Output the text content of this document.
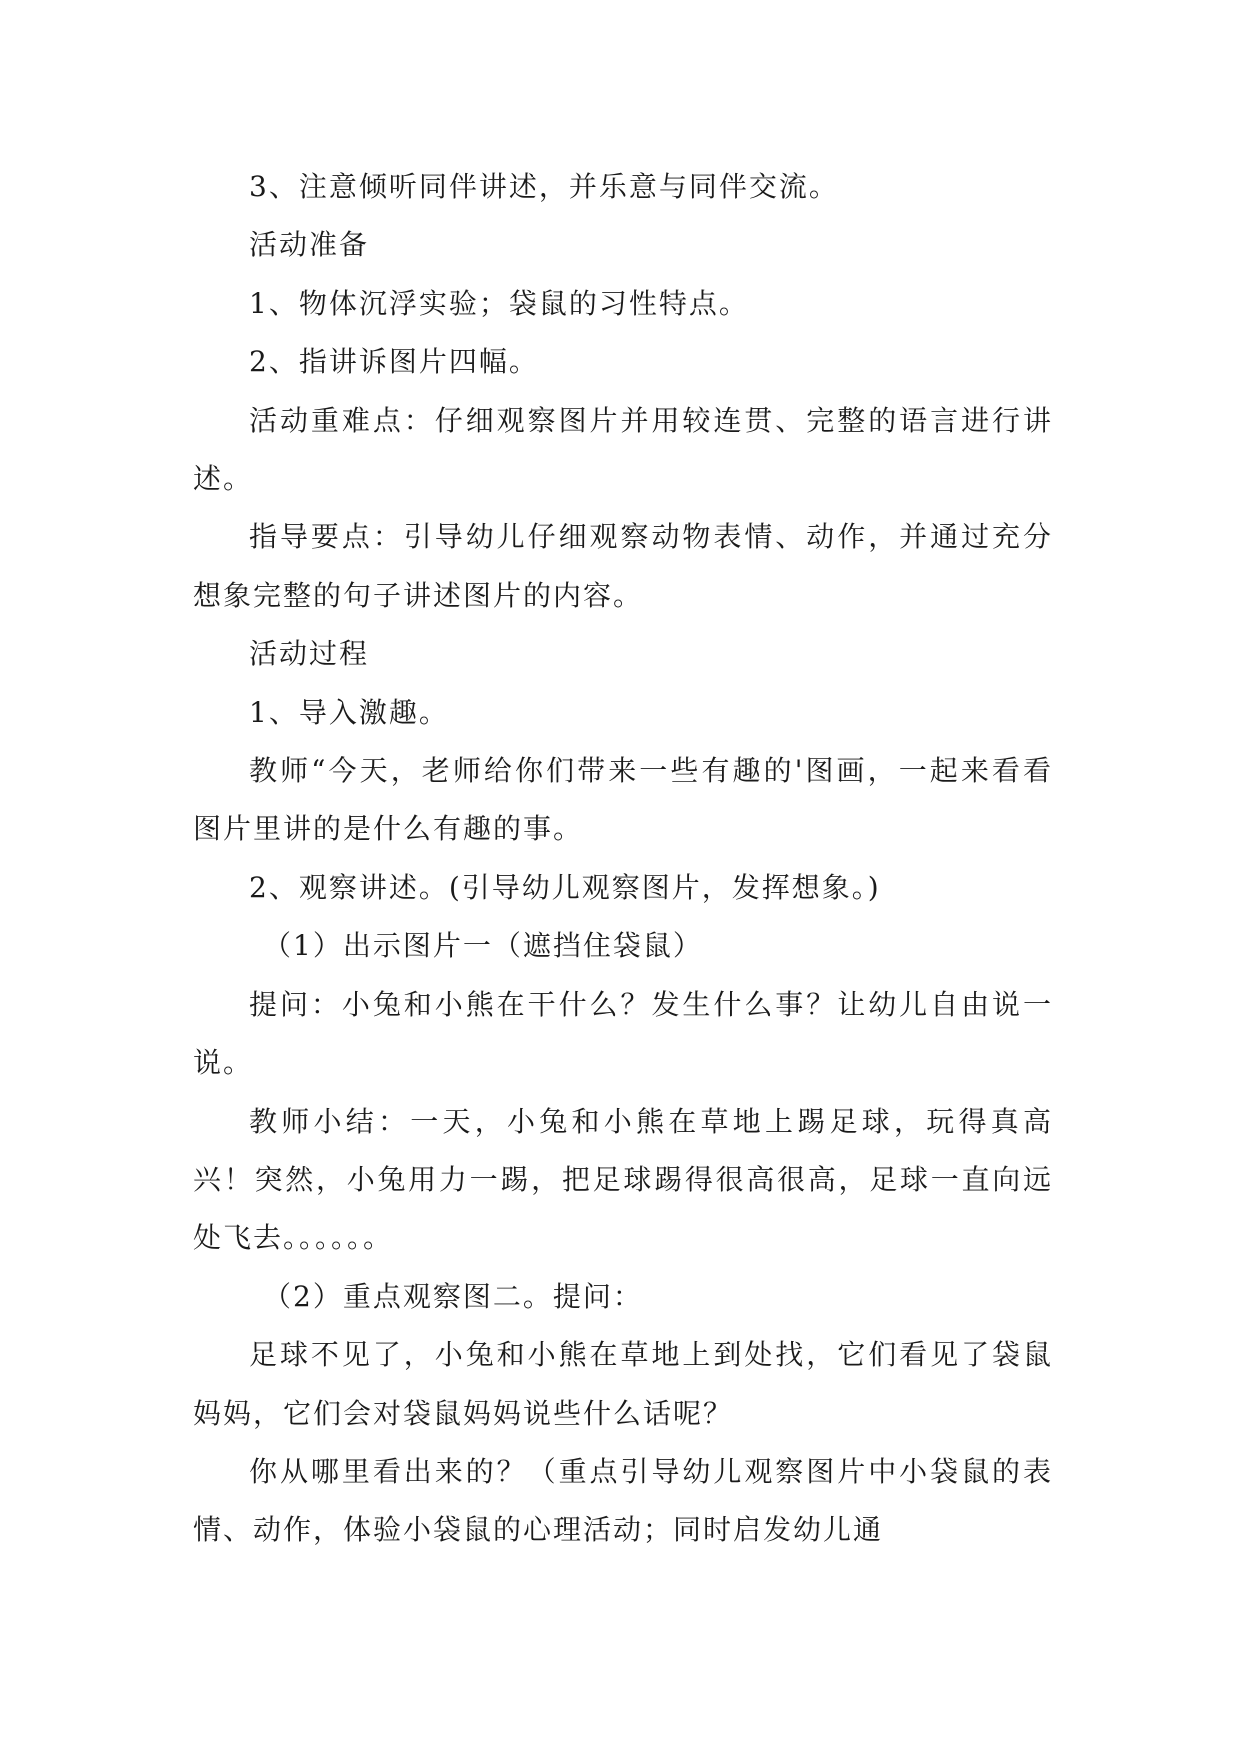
3、注意倾听同伴讲述，并乐意与同伴交流。

活动准备

1、物体沉浮实验；袋鼠的习性特点。

2、指讲诉图片四幅。

活动重难点：仔细观察图片并用较连贯、完整的语言进行讲述。

指导要点：引导幼儿仔细观察动物表情、动作，并通过充分想象完整的句子讲述图片的内容。

活动过程

1、导入激趣。

教师“今天，老师给你们带来一些有趣的'图画，一起来看看图片里讲的是什么有趣的事。

2、观察讲述。(引导幼儿观察图片，发挥想象。)

（1）出示图片一（遮挡住袋鼠）

提问：小兔和小熊在干什么？发生什么事？让幼儿自由说一说。

教师小结：一天，小兔和小熊在草地上踢足球，玩得真高兴！突然，小兔用力一踢，把足球踢得很高很高，足球一直向远处飞去。。。。。。

（2）重点观察图二。提问：

足球不见了，小兔和小熊在草地上到处找，它们看见了袋鼠妈妈，它们会对袋鼠妈妈说些什么话呢？

你从哪里看出来的？（重点引导幼儿观察图片中小袋鼠的表情、动作，体验小袋鼠的心理活动；同时启发幼儿通
